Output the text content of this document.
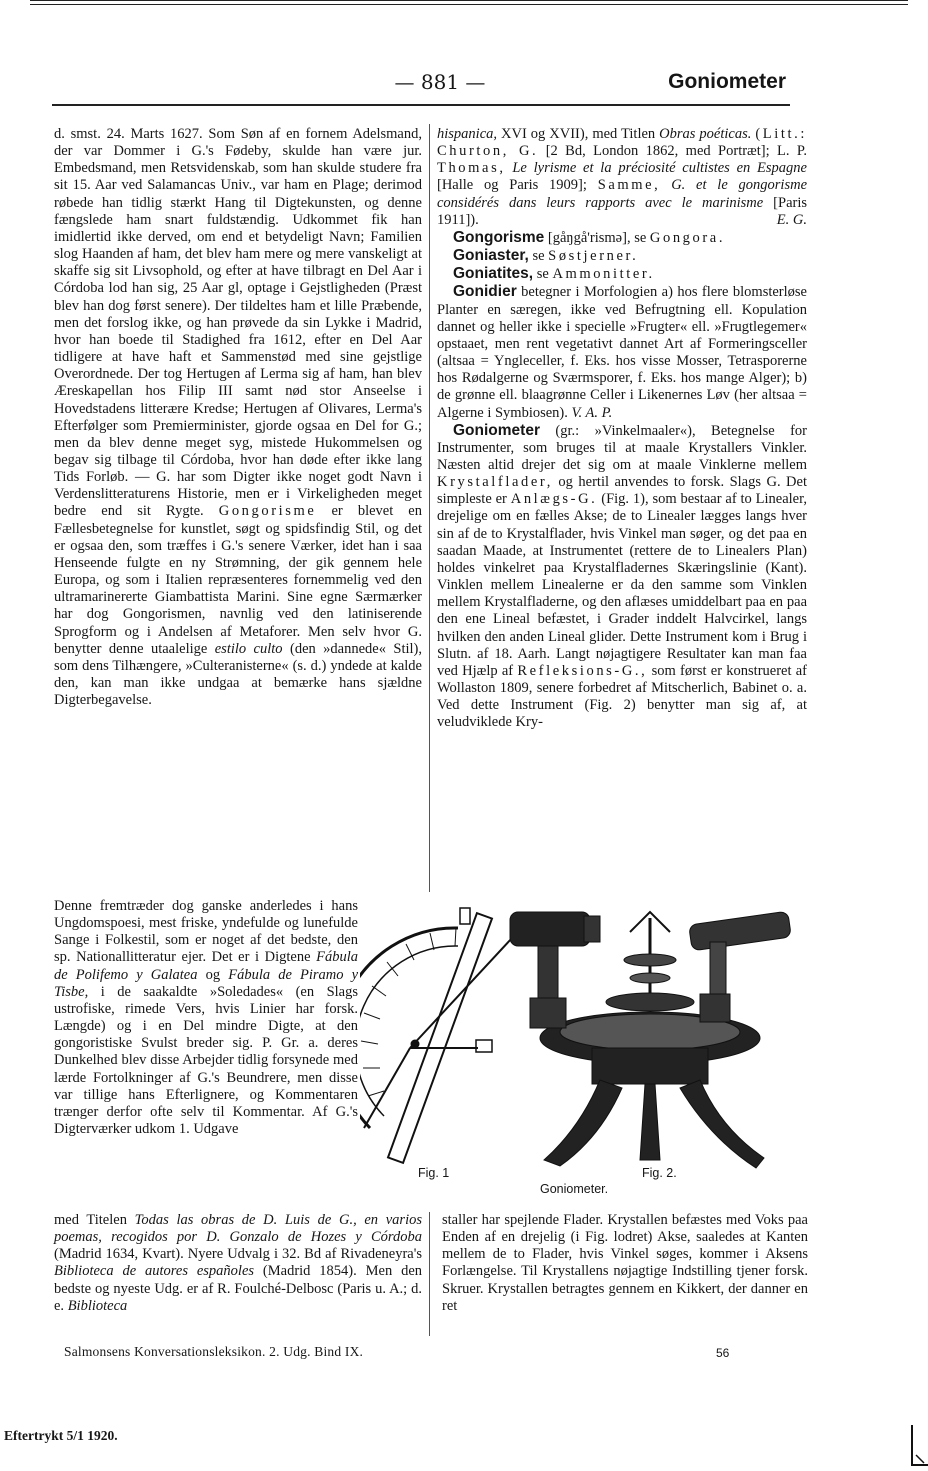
— 881 —	Goniometer

d. smst. 24. Marts 1627. Som Søn af en fornem Adelsmand, der var Dommer i G.'s Fødeby, skulde han være jur. Embedsmand, men Retsvidenskab, som han skulde studere fra sit 15. Aar ved Salamancas Univ., var ham en Plage; derimod røbede han tidlig stærkt Hang til Digtekunsten, og denne fængslede ham snart fuldstændig. Udkommet fik han imidlertid ikke derved, om end et betydeligt Navn; Familien slog Haanden af ham, det blev ham mere og mere vanskeligt at skaffe sig sit Livsophold, og efter at have tilbragt en Del Aar i Córdoba lod han sig, 25 Aar gl, optage i Gejstligheden (Præst blev han dog først senere). Der tildeltes ham et lille Præbende, men det forslog ikke, og han prøvede da sin Lykke i Madrid, hvor han boede til Stadighed fra 1612, efter en Del Aar tidligere at have haft et Sammenstød med sine gejstlige Overordnede. Der tog Hertugen af Lerma sig af ham, han blev Æreskapellan hos Filip III samt nød stor Anseelse i Hovedstadens litterære Kredse; Hertugen af Olivares, Lerma's Efterfølger som Premierminister, gjorde ogsaa en Del for G.; men da blev denne meget syg, mistede Hukommelsen og begav sig tilbage til Córdoba, hvor han døde efter ikke lang Tids Forløb. — G. har som Digter ikke noget godt Navn i Verdenslitteraturens Historie, men er i Virkeligheden meget bedre end sit Rygte. Gongorisme er blevet en Fællesbetegnelse for kunstlet, søgt og spidsfindig Stil, og det er ogsaa den, som træffes i G.'s senere Værker, idet han i saa Henseende fulgte en ny Strømning, der gik gennem hele Europa, og som i Italien repræsenteres fornemmelig ved den ultramarinererte Giambattista Marini. Sine egne Særmærker har dog Gongorismen, navnlig ved den latiniserende Sprogform og i Andelsen af Metaforer. Men selv hvor G. benytter denne utaalelige estilo culto (den »dannede« Stil), som dens Tilhængere, »Culteranisterne« (s. d.) yndede at kalde den, kan man ikke undgaa at bemærke hans sjældne Digterbegavelse.

Denne fremtræder dog ganske anderledes i hans Ungdomspoesi, mest friske, yndefulde og lunefulde Sange i Folkestil, som er noget af det bedste, den sp. Nationallitteratur ejer. Det er i Digtene Fábula de Polifemo y Galatea og Fábula de Piramo y Tisbe, i de saakaldte »Soledades« (en Slags ustrofiske, rimede Vers, hvis Linier har forsk. Længde) og i en Del mindre Digte, at den gongoristiske Svulst breder sig. P. Gr. a. deres Dunkelhed blev disse Arbejder tidlig forsynede med lærde Fortolkninger af G.'s Beundrere, men disse var tillige hans Efterlignere, og Kommentaren trænger derfor ofte selv til Kommentar. Af G.'s Digterværker udkom 1. Udgave

med Titelen Todas las obras de D. Luis de G., en varios poemas, recogidos por D. Gonzalo de Hozes y Córdoba (Madrid 1634, Kvart). Nyere Udvalg i 32. Bd af Rivadeneyra's Biblioteca de autores españoles (Madrid 1854). Men den bedste og nyeste Udg. er af R. Foulché-Delbosc (Paris u. A.; d. e. Biblioteca

hispanica, XVI og XVII), med Titlen Obras poéticas. (Litt.: Churton, G. [2 Bd, London 1862, med Portræt]; L. P. Thomas, Le lyrisme et la préciosité cultistes en Espagne [Halle og Paris 1909]; Samme, G. et le gongorisme considérés dans leurs rapports avec le marinisme [Paris 1911]).	E. G.

Gongorisme [gåŋgå'rismə], se Gongora.

Goniaster, se Søstjerner.

Goniatites, se Ammonitter.

Gonidier betegner i Morfologien a) hos flere blomsterløse Planter en særegen, ikke ved Befrugtning ell. Kopulation dannet og heller ikke i specielle »Frugter« ell. »Frugtlegemer« opstaaet, men rent vegetativt dannet Art af Formeringsceller (altsaa = Yngleceller, f. Eks. hos visse Mosser, Tetrasporerne hos Rødalgerne og Sværmsporer, f. Eks. hos mange Alger); b) de grønne ell. blaagrønne Celler i Likenernes Løv (her altsaa = Algerne i Symbiosen). V. A. P.

Goniometer (gr.: »Vinkelmaaler«), Betegnelse for Instrumenter, som bruges til at maale Krystallers Vinkler. Næsten altid drejer det sig om at maale Vinklerne mellem Krystalflader, og hertil anvendes to forsk. Slags G. Det simpleste er Anlægs-G. (Fig. 1), som bestaar af to Linealer, drejelige om en fælles Akse; de to Linealer lægges langs hver sin af de to Krystalflader, hvis Vinkel man søger, og det paa en saadan Maade, at Instrumentet (rettere de to Linealers Plan) holdes vinkelret paa Krystalfladernes Skæringslinie (Kant). Vinklen mellem Linealerne er da den samme som Vinklen mellem Krystalfladerne, og den aflæses umiddelbart paa en paa den ene Lineal befæstet, i Grader inddelt Halvcirkel, langs hvilken den anden Lineal glider. Dette Instrument kom i Brug i Slutn. af 18. Aarh. Langt nøjagtigere Resultater kan man faa ved Hjælp af Refleksions-G., som først er konstrueret af Wollaston 1809, senere forbedret af Mitscherlich, Babinet o. a. Ved dette Instrument (Fig. 2) benytter man sig af, at veludviklede Kry-

staller har spejlende Flader. Krystallen befæstes med Voks paa Enden af en drejelig (i Fig. lodret) Akse, saaledes at Kanten mellem de to Flader, hvis Vinkel søges, kommer i Aksens Forlængelse. Til Krystallens nøjagtige Indstilling tjener forsk. Skruer. Krystallen betragtes gennem en Kikkert, der danner en ret

Fig. 1	Fig. 2.
Goniometer.
Salmonsens Konversationsleksikon. 2. Udg. Bind IX.	56
Eftertrykt 5/1 1920.
